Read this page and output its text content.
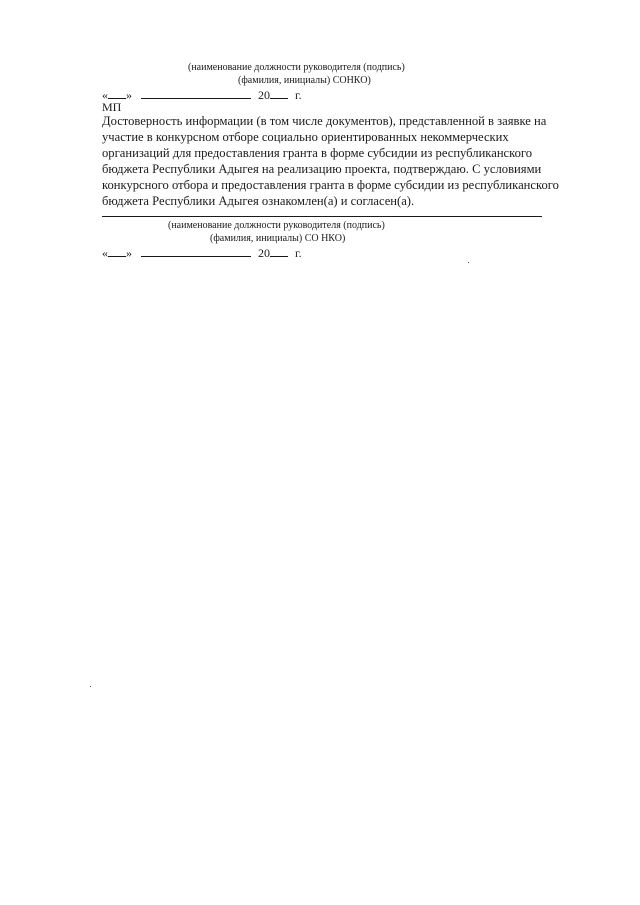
(наименование должности руководителя (подпись)
(фамилия, инициалы) СОНКО)
« »	20 г.
МП
Достоверность информации (в том числе документов), представленной в заявке на
участие в конкурсном отборе социально ориентированных некоммерческих
организаций для предоставления гранта в форме субсидии из республиканского
бюджета Республики Адыгея на реализацию проекта, подтверждаю. С условиями
конкурсного отбора и предоставления гранта в форме субсидии из республиканского
бюджета Республики Адыгея ознакомлен(а) и согласен(а).
(наименование должности руководителя (подпись)
(фамилия, инициалы) СО НКО)
« »	20 г.
